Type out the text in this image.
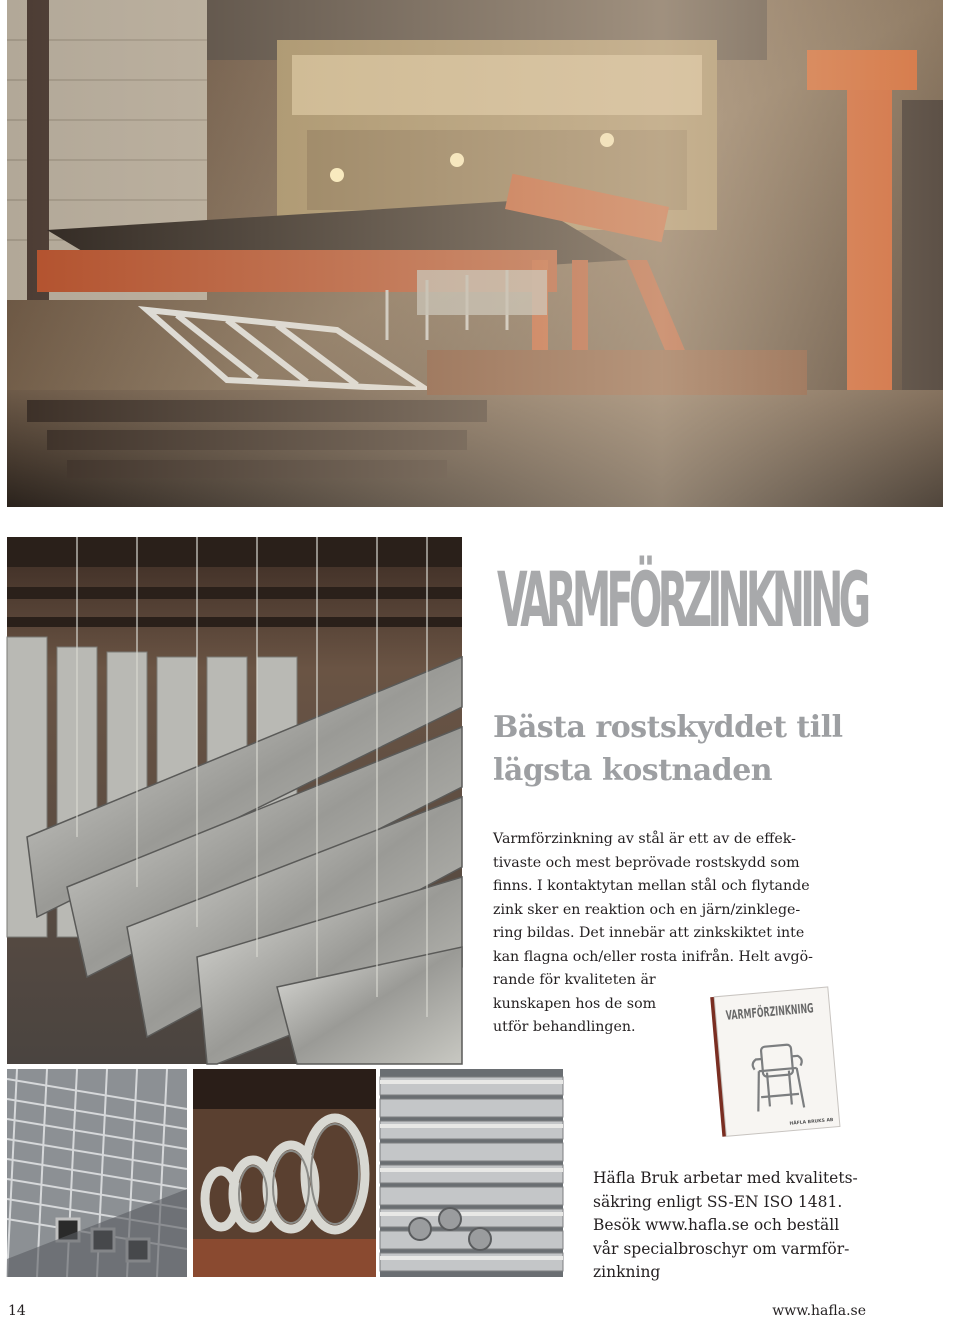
VARMFÖRZINKNING
Bästa rostskyddet till
lägsta kostnaden

Varmförzinkning av stål är ett av de effek-
tivaste och mest beprövade rostskydd som
finns. I kontaktytan mellan stål och flytande
zink sker en reaktion och en järn/zinklege-
ring bildas. Det innebär att zinkskiktet inte
kan flagna och/eller rosta inifrån. Helt avgö-
rande för kvaliteten är
kunskapen hos de som
utför behandlingen.

VARMFÖRZINKNING
HÄFLA BRUKS AB

Häfla Bruk arbetar med kvalitets-
säkring enligt SS-EN ISO 1481.
Besök www.hafla.se och beställ
vår specialbroschyr om varmför-
zinkning

14	www.hafla.se
